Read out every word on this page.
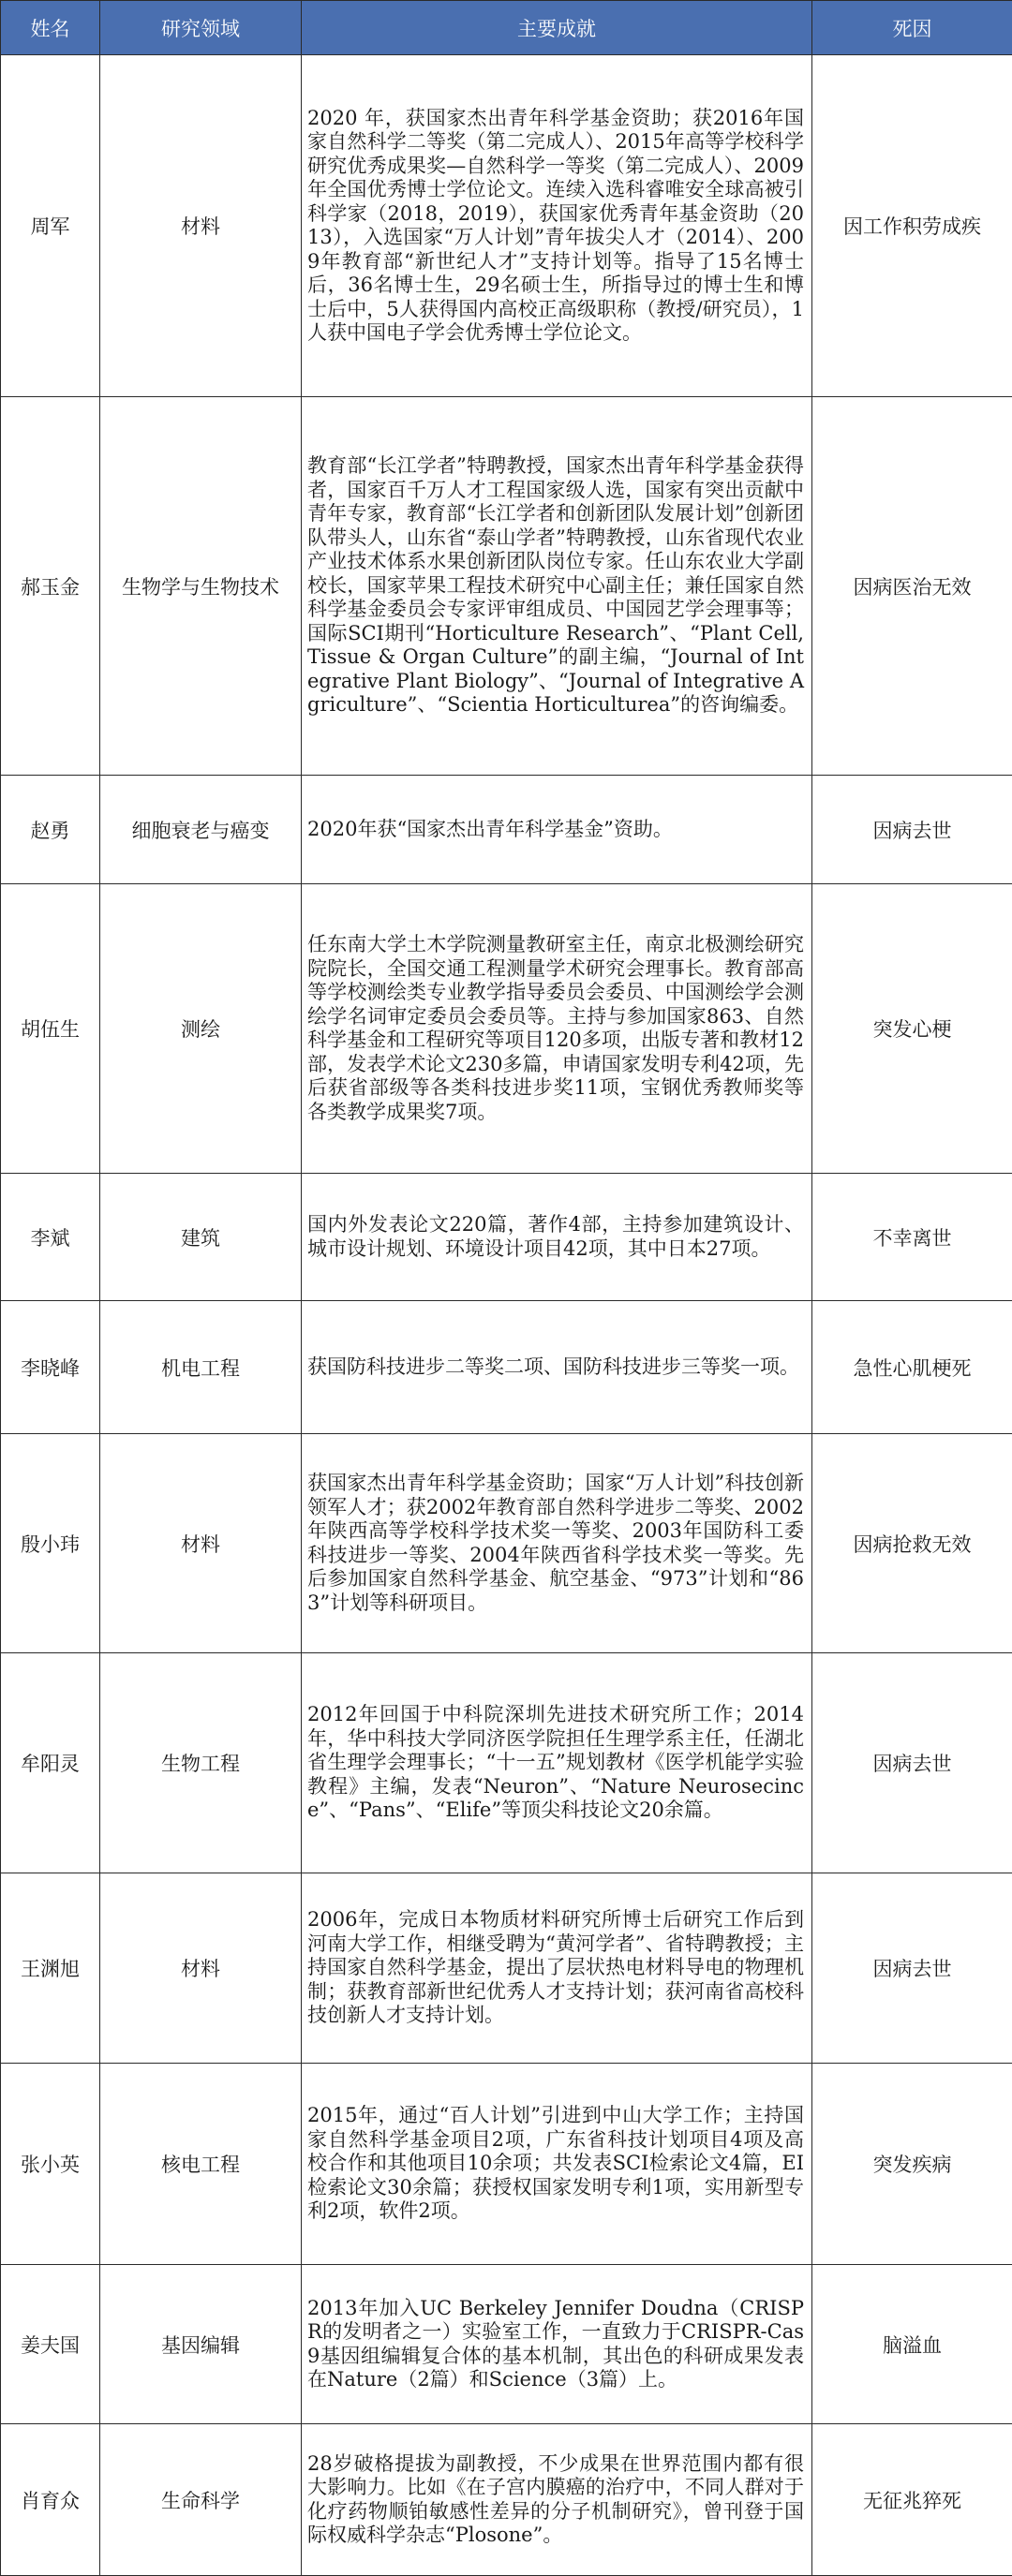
姓名	研究领域	主要成就	死因
周军	材料	2020 年，获国家杰出青年科学基金资助；获2016年国家自然科学二等奖（第二完成人）、2015年高等学校科学研究优秀成果奖—自然科学一等奖（第二完成人）、2009年全国优秀博士学位论文。连续入选科睿唯安全球高被引科学家（2018，2019），获国家优秀青年基金资助（2013），入选国家“万人计划”青年拔尖人才（2014）、2009年教育部“新世纪人才”支持计划等。指导了15名博士后，36名博士生，29名硕士生，所指导过的博士生和博士后中，5人获得国内高校正高级职称（教授/研究员），1人获中国电子学会优秀博士学位论文。	因工作积劳成疾
郝玉金	生物学与生物技术	教育部“长江学者”特聘教授，国家杰出青年科学基金获得者，国家百千万人才工程国家级人选，国家有突出贡献中青年专家，教育部“长江学者和创新团队发展计划”创新团队带头人，山东省“泰山学者”特聘教授，山东省现代农业产业技术体系水果创新团队岗位专家。任山东农业大学副校长，国家苹果工程技术研究中心副主任；兼任国家自然科学基金委员会专家评审组成员、中国园艺学会理事等；国际SCI期刊“Horticulture Research”、“Plant Cell, Tissue & Organ Culture”的副主编，“Journal of Integrative Plant Biology”、“Journal of Integrative Agriculture”、“Scientia Horticulturea”的咨询编委。	因病医治无效
赵勇	细胞衰老与癌变	2020年获“国家杰出青年科学基金”资助。	因病去世
胡伍生	测绘	任东南大学土木学院测量教研室主任，南京北极测绘研究院院长，全国交通工程测量学术研究会理事长。教育部高等学校测绘类专业教学指导委员会委员、中国测绘学会测绘学名词审定委员会委员等。主持与参加国家863、自然科学基金和工程研究等项目120多项，出版专著和教材12部，发表学术论文230多篇，申请国家发明专利42项，先后获省部级等各类科技进步奖11项，宝钢优秀教师奖等各类教学成果奖7项。	突发心梗
李斌	建筑	国内外发表论文220篇，著作4部，主持参加建筑设计、城市设计规划、环境设计项目42项，其中日本27项。	不幸离世
李晓峰	机电工程	获国防科技进步二等奖二项、国防科技进步三等奖一项。	急性心肌梗死
殷小玮	材料	获国家杰出青年科学基金资助；国家“万人计划”科技创新领军人才；获2002年教育部自然科学进步二等奖、2002年陕西高等学校科学技术奖一等奖、2003年国防科工委科技进步一等奖、2004年陕西省科学技术奖一等奖。先后参加国家自然科学基金、航空基金、“973”计划和“863”计划等科研项目。	因病抢救无效
牟阳灵	生物工程	2012年回国于中科院深圳先进技术研究所工作；2014年，华中科技大学同济医学院担任生理学系主任，任湖北省生理学会理事长；“十一五”规划教材《医学机能学实验教程》主编，发表“Neuron”、“Nature Neurosecince”、“Pans”、“Elife”等顶尖科技论文20余篇。	因病去世
王渊旭	材料	2006年，完成日本物质材料研究所博士后研究工作后到河南大学工作，相继受聘为“黄河学者”、省特聘教授；主持国家自然科学基金，提出了层状热电材料导电的物理机制；获教育部新世纪优秀人才支持计划；获河南省高校科技创新人才支持计划。	因病去世
张小英	核电工程	2015年，通过“百人计划”引进到中山大学工作；主持国家自然科学基金项目2项，广东省科技计划项目4项及高校合作和其他项目10余项；共发表SCI检索论文4篇，EI检索论文30余篇；获授权国家发明专利1项，实用新型专利2项，软件2项。	突发疾病
姜夫国	基因编辑	2013年加入UC Berkeley Jennifer Doudna（CRISPR的发明者之一）实验室工作，一直致力于CRISPR-Cas9基因组编辑复合体的基本机制，其出色的科研成果发表在Nature（2篇）和Science（3篇）上。	脑溢血
肖育众	生命科学	28岁破格提拔为副教授，不少成果在世界范围内都有很大影响力。比如《在子宫内膜癌的治疗中，不同人群对于化疗药物顺铂敏感性差异的分子机制研究》，曾刊登于国际权威科学杂志“Plosone”。	无征兆猝死
